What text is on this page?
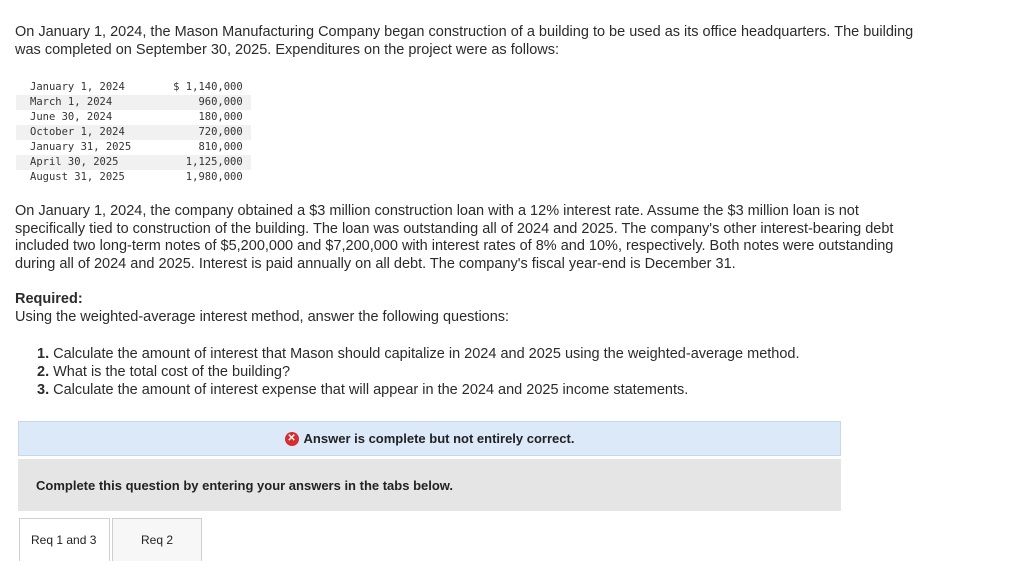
On January 1, 2024, the Mason Manufacturing Company began construction of a building to be used as its office headquarters. The building was completed on September 30, 2025. Expenditures on the project were as follows:

January 1, 2024	$ 1,140,000
March 1, 2024	960,000
June 30, 2024	180,000
October 1, 2024	720,000
January 31, 2025	810,000
April 30, 2025	1,125,000
August 31, 2025	1,980,000

On January 1, 2024, the company obtained a $3 million construction loan with a 12% interest rate. Assume the $3 million loan is not specifically tied to construction of the building. The loan was outstanding all of 2024 and 2025. The company's other interest-bearing debt included two long-term notes of $5,200,000 and $7,200,000 with interest rates of 8% and 10%, respectively. Both notes were outstanding during all of 2024 and 2025. Interest is paid annually on all debt. The company's fiscal year-end is December 31.

Required:

Using the weighted-average interest method, answer the following questions:

1. Calculate the amount of interest that Mason should capitalize in 2024 and 2025 using the weighted-average method.
2. What is the total cost of the building?
3. Calculate the amount of interest expense that will appear in the 2024 and 2025 income statements.
✕ Answer is complete but not entirely correct.
Complete this question by entering your answers in the tabs below.
Req 1 and 3	Req 2
